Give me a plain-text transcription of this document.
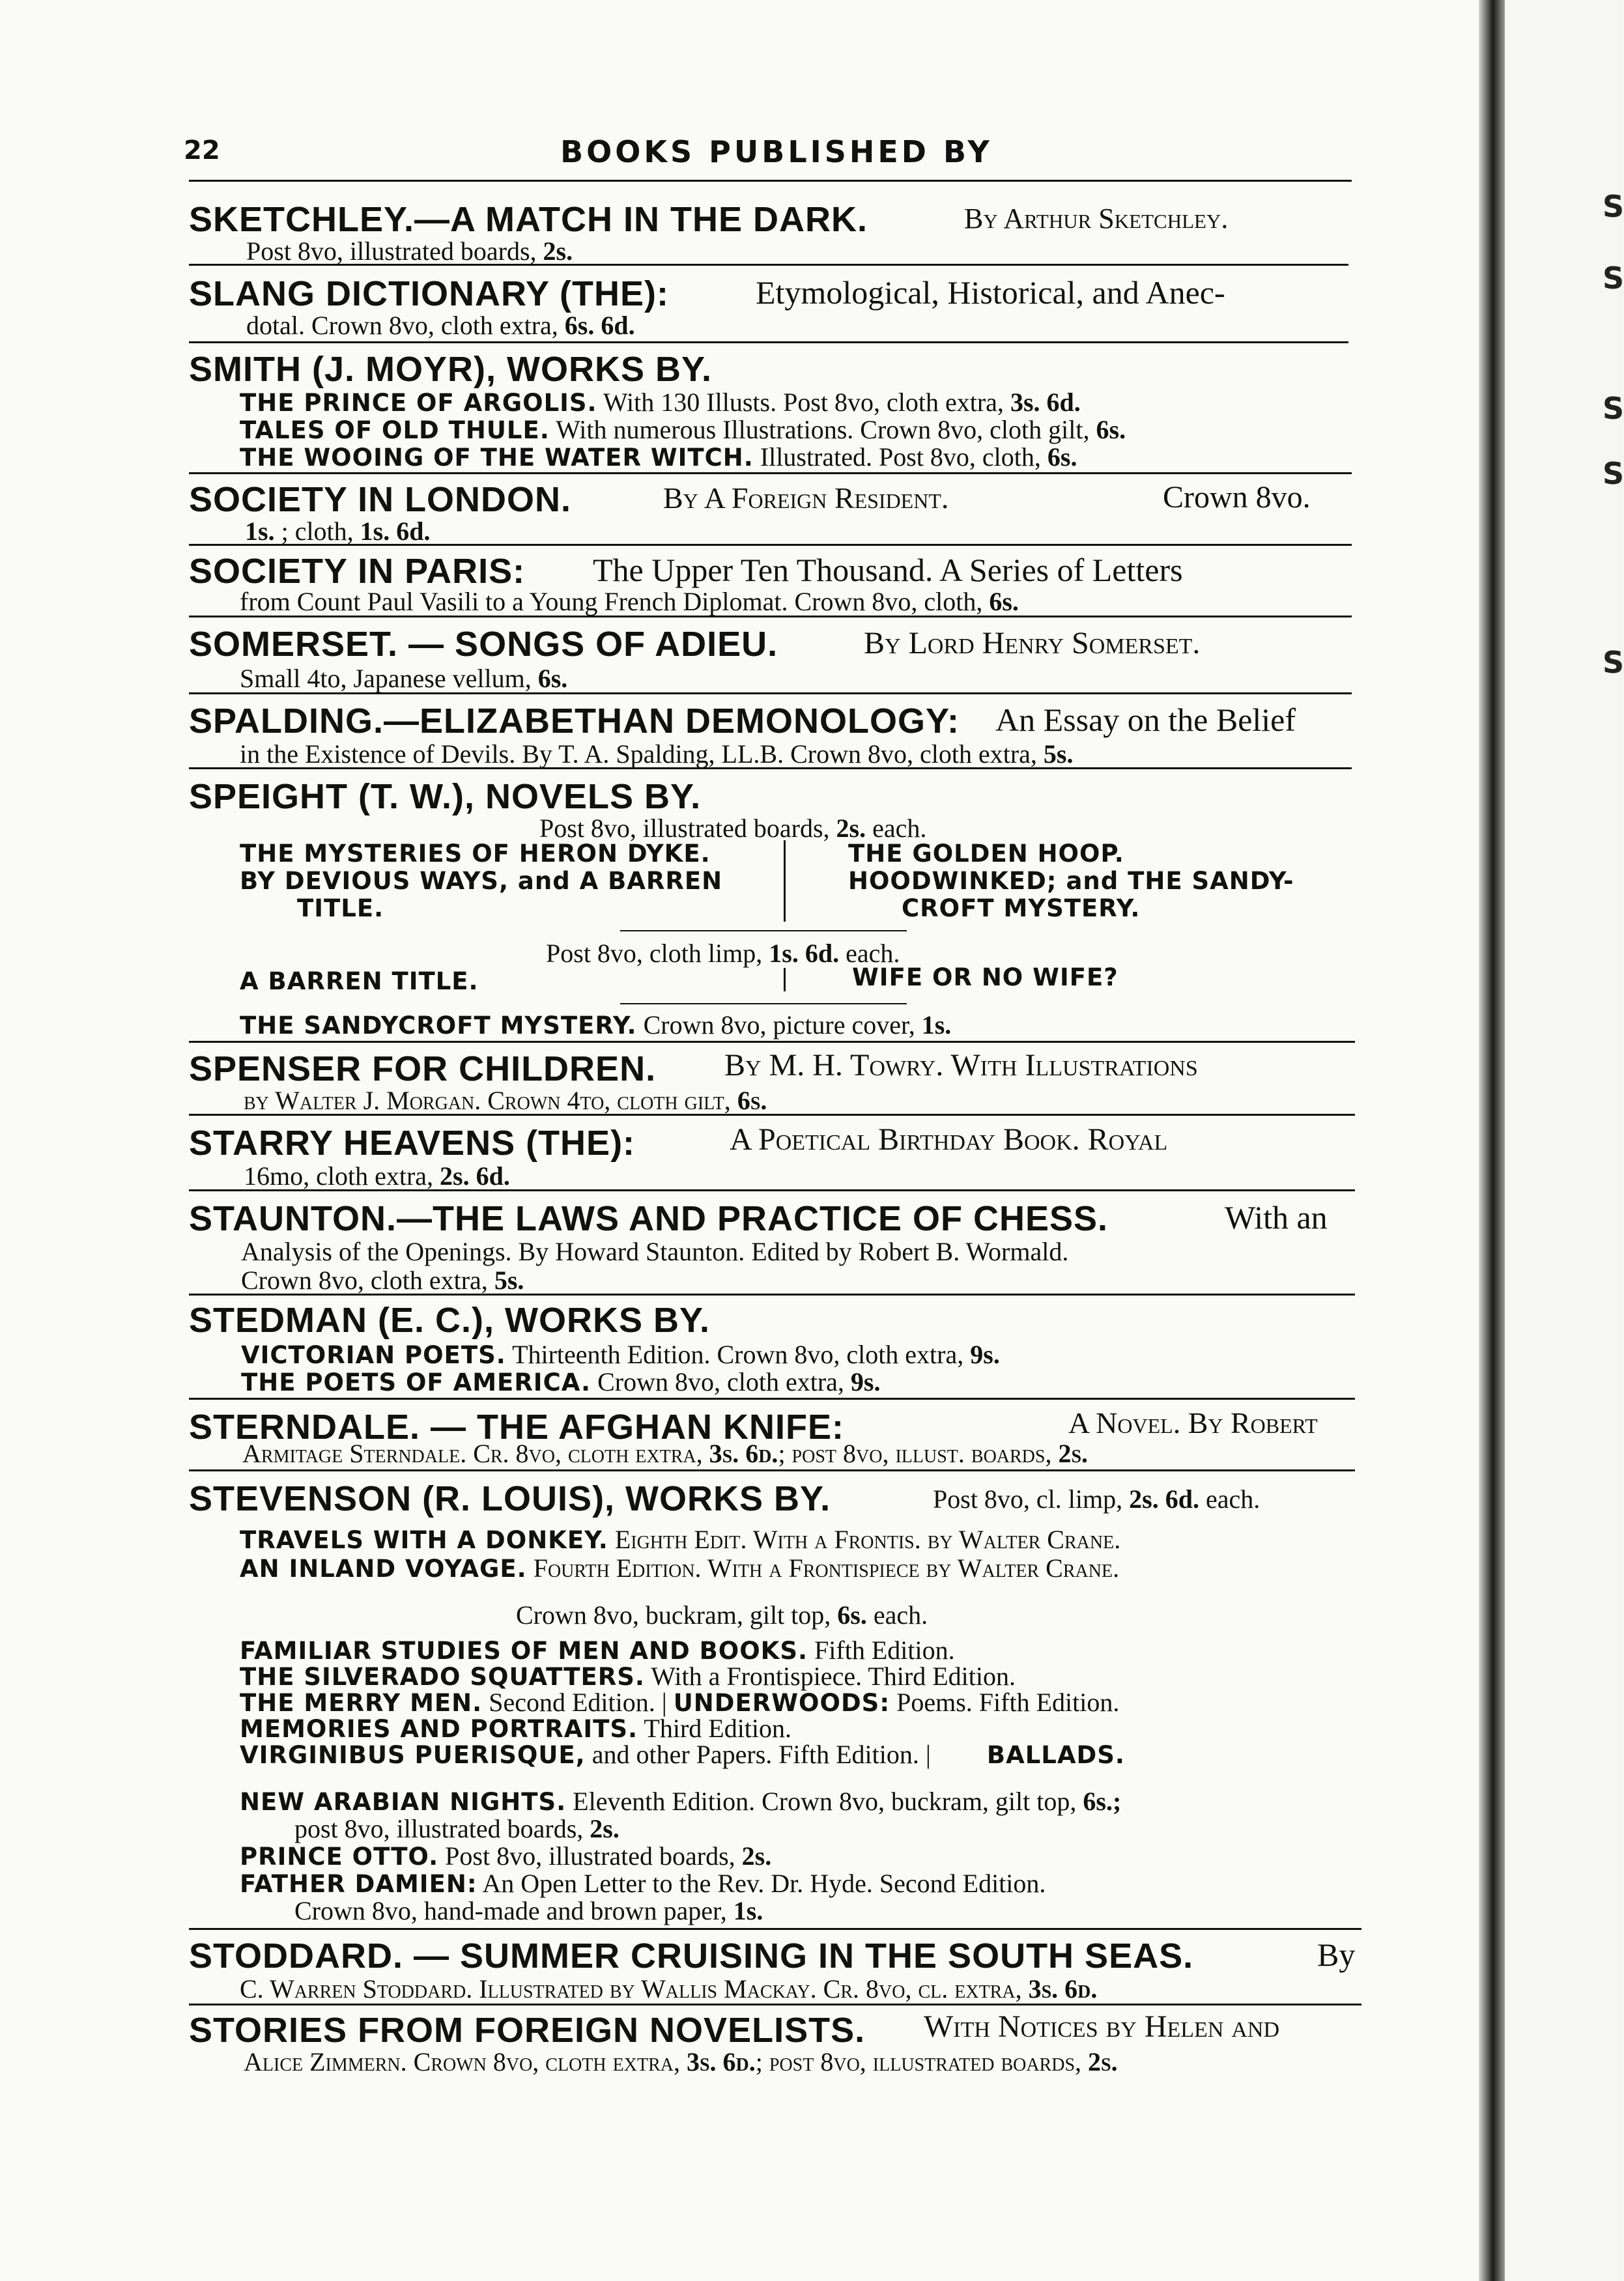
22	BOOKS PUBLISHED BY
SKETCHLEY.—A MATCH IN THE DARK.	By Arthur Sketchley.
Post 8vo, illustrated boards, 2s.
SLANG DICTIONARY (THE):	Etymological, Historical, and Anec-
dotal. Crown 8vo, cloth extra, 6s. 6d.
SMITH (J. MOYR), WORKS BY.
THE PRINCE OF ARGOLIS. With 130 Illusts. Post 8vo, cloth extra, 3s. 6d.
TALES OF OLD THULE. With numerous Illustrations. Crown 8vo, cloth gilt, 6s.
THE WOOING OF THE WATER WITCH. Illustrated. Post 8vo, cloth, 6s.
SOCIETY IN LONDON.	By A Foreign Resident.	Crown 8vo.
1s. ; cloth, 1s. 6d.
SOCIETY IN PARIS: The Upper Ten Thousand. A Series of Letters
from Count Paul Vasili to a Young French Diplomat. Crown 8vo, cloth, 6s.
SOMERSET. — SONGS OF ADIEU.	By Lord Henry Somerset.
Small 4to, Japanese vellum, 6s.
SPALDING.—ELIZABETHAN DEMONOLOGY: An Essay on the Belief
in the Existence of Devils. By T. A. Spalding, LL.B. Crown 8vo, cloth extra, 5s.
SPEIGHT (T. W.), NOVELS BY.
Post 8vo, illustrated boards, 2s. each.
THE MYSTERIES OF HERON DYKE.
BY DEVIOUS WAYS, and A BARREN
TITLE.
THE GOLDEN HOOP.
HOODWINKED; and THE SANDY-
CROFT MYSTERY.
Post 8vo, cloth limp, 1s. 6d. each.
A BARREN TITLE.	WIFE OR NO WIFE?
THE SANDYCROFT MYSTERY. Crown 8vo, picture cover, 1s.
SPENSER FOR CHILDREN. By M. H. Towry. With Illustrations
by Walter J. Morgan. Crown 4to, cloth gilt, 6s.
STARRY HEAVENS (THE):	A Poetical Birthday Book. Royal
16mo, cloth extra, 2s. 6d.
STAUNTON.—THE LAWS AND PRACTICE OF CHESS.	With an
Analysis of the Openings. By Howard Staunton. Edited by Robert B. Wormald.
Crown 8vo, cloth extra, 5s.
STEDMAN (E. C.), WORKS BY.
VICTORIAN POETS. Thirteenth Edition. Crown 8vo, cloth extra, 9s.
THE POETS OF AMERICA. Crown 8vo, cloth extra, 9s.
STERNDALE. — THE AFGHAN KNIFE:	A Novel. By Robert
Armitage Sterndale. Cr. 8vo, cloth extra, 3s. 6d.; post 8vo, illust. boards, 2s.
STEVENSON (R. LOUIS), WORKS BY.	Post 8vo, cl. limp, 2s. 6d. each.
TRAVELS WITH A DONKEY. Eighth Edit. With a Frontis. by Walter Crane.
AN INLAND VOYAGE. Fourth Edition. With a Frontispiece by Walter Crane.
Crown 8vo, buckram, gilt top, 6s. each.
FAMILIAR STUDIES OF MEN AND BOOKS. Fifth Edition.
THE SILVERADO SQUATTERS. With a Frontispiece. Third Edition.
THE MERRY MEN. Second Edition. | UNDERWOODS: Poems. Fifth Edition.
MEMORIES AND PORTRAITS. Third Edition.
VIRGINIBUS PUERISQUE, and other Papers. Fifth Edition. | BALLADS.
NEW ARABIAN NIGHTS. Eleventh Edition. Crown 8vo, buckram, gilt top, 6s.;
post 8vo, illustrated boards, 2s.
PRINCE OTTO. Post 8vo, illustrated boards, 2s.
FATHER DAMIEN: An Open Letter to the Rev. Dr. Hyde. Second Edition.
Crown 8vo, hand-made and brown paper, 1s.
STODDARD. — SUMMER CRUISING IN THE SOUTH SEAS.	By
C. Warren Stoddard. Illustrated by Wallis Mackay. Cr. 8vo, cl. extra, 3s. 6d.
STORIES FROM FOREIGN NOVELISTS. With Notices by Helen and
Alice Zimmern. Crown 8vo, cloth extra, 3s. 6d.; post 8vo, illustrated boards, 2s.
S
S
S
S
S
